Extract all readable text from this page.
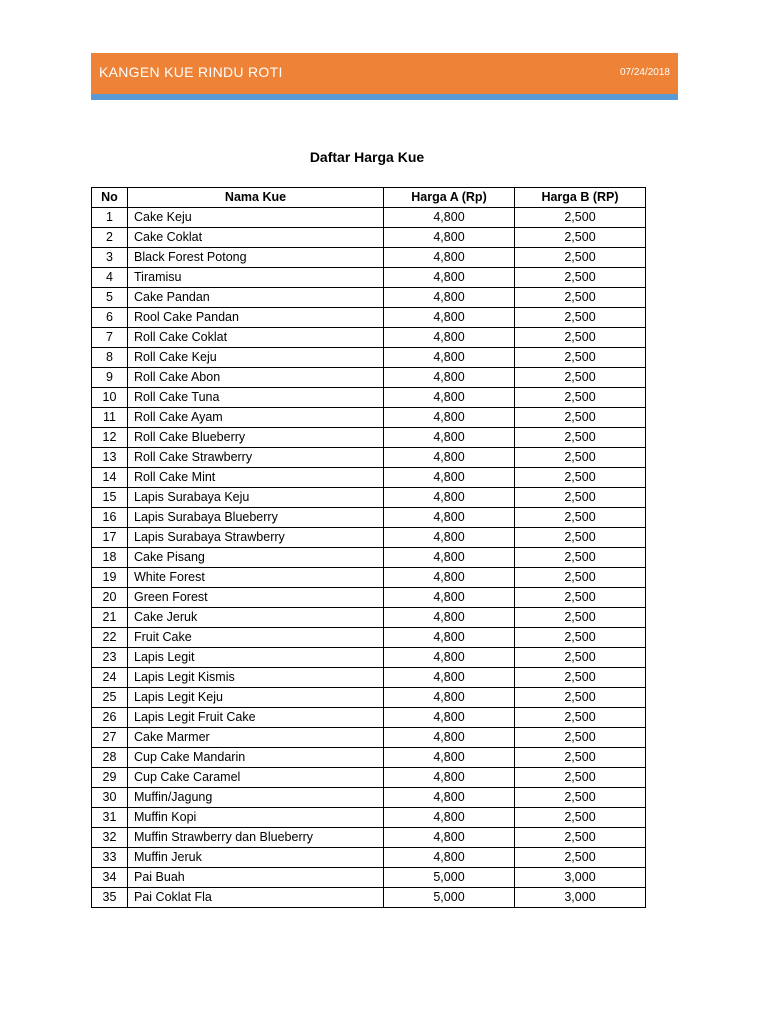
KANGEN KUE RINDU ROTI	07/24/2018
Daftar Harga Kue
No	Nama Kue	Harga A (Rp)	Harga B (RP)
1	Cake Keju	4,800	2,500
2	Cake Coklat	4,800	2,500
3	Black Forest Potong	4,800	2,500
4	Tiramisu	4,800	2,500
5	Cake Pandan	4,800	2,500
6	Rool Cake Pandan	4,800	2,500
7	Roll Cake Coklat	4,800	2,500
8	Roll Cake Keju	4,800	2,500
9	Roll Cake Abon	4,800	2,500
10	Roll Cake Tuna	4,800	2,500
11	Roll Cake Ayam	4,800	2,500
12	Roll Cake Blueberry	4,800	2,500
13	Roll Cake Strawberry	4,800	2,500
14	Roll Cake Mint	4,800	2,500
15	Lapis Surabaya Keju	4,800	2,500
16	Lapis Surabaya Blueberry	4,800	2,500
17	Lapis Surabaya Strawberry	4,800	2,500
18	Cake Pisang	4,800	2,500
19	White Forest	4,800	2,500
20	Green Forest	4,800	2,500
21	Cake Jeruk	4,800	2,500
22	Fruit Cake	4,800	2,500
23	Lapis Legit	4,800	2,500
24	Lapis Legit Kismis	4,800	2,500
25	Lapis Legit Keju	4,800	2,500
26	Lapis Legit Fruit Cake	4,800	2,500
27	Cake Marmer	4,800	2,500
28	Cup Cake Mandarin	4,800	2,500
29	Cup Cake Caramel	4,800	2,500
30	Muffin/Jagung	4,800	2,500
31	Muffin Kopi	4,800	2,500
32	Muffin Strawberry dan Blueberry	4,800	2,500
33	Muffin Jeruk	4,800	2,500
34	Pai Buah	5,000	3,000
35	Pai Coklat Fla	5,000	3,000
